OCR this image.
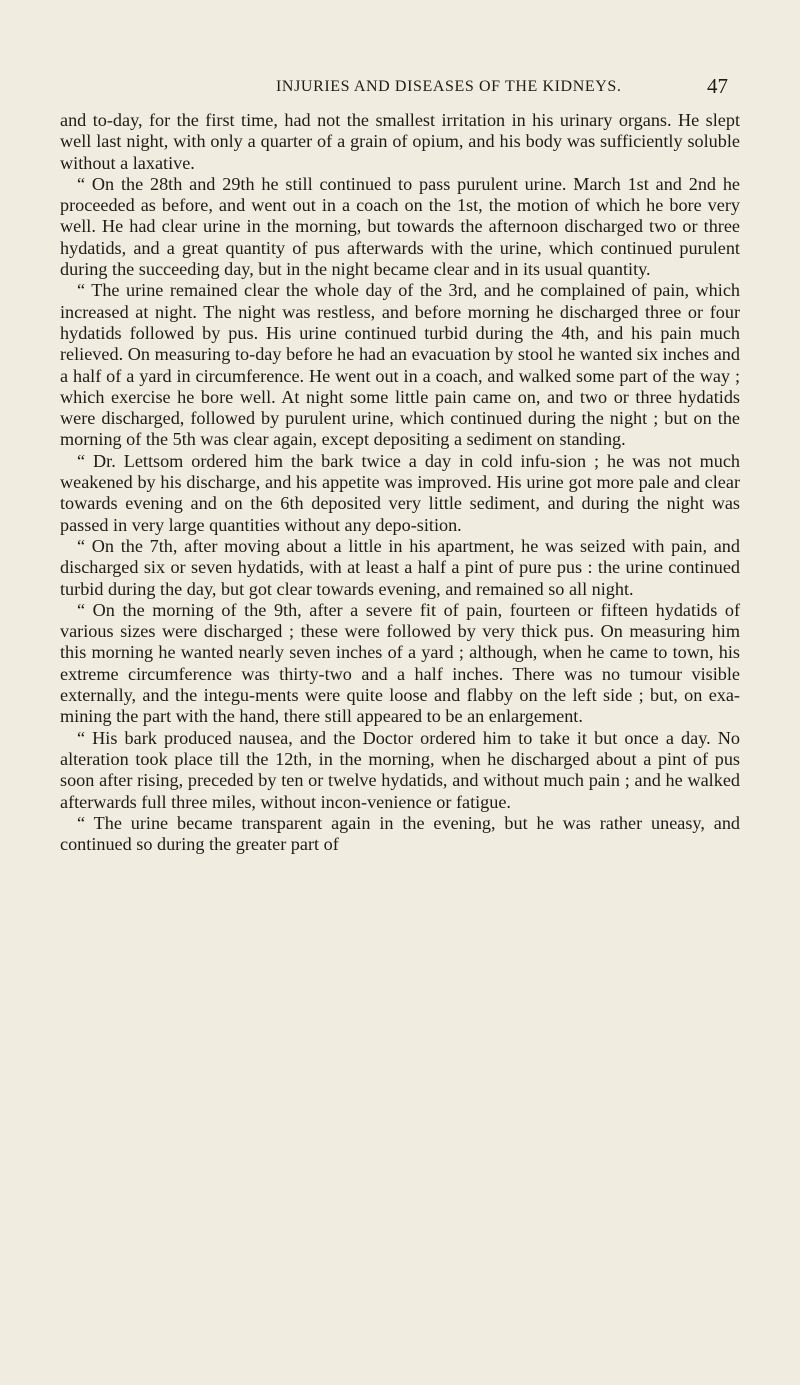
INJURIES AND DISEASES OF THE KIDNEYS.	47

and to-day, for the first time, had not the smallest irritation in his urinary organs. He slept well last night, with only a quarter of a grain of opium, and his body was sufficiently soluble without a laxative.

“ On the 28th and 29th he still continued to pass purulent urine. March 1st and 2nd he proceeded as before, and went out in a coach on the 1st, the motion of which he bore very well. He had clear urine in the morning, but towards the afternoon discharged two or three hydatids, and a great quantity of pus afterwards with the urine, which continued purulent during the succeeding day, but in the night became clear and in its usual quantity.

“ The urine remained clear the whole day of the 3rd, and he complained of pain, which increased at night. The night was restless, and before morning he discharged three or four hydatids followed by pus. His urine continued turbid during the 4th, and his pain much relieved. On measuring to-day before he had an evacuation by stool he wanted six inches and a half of a yard in circumference. He went out in a coach, and walked some part of the way ; which exercise he bore well. At night some little pain came on, and two or three hydatids were discharged, followed by purulent urine, which continued during the night ; but on the morning of the 5th was clear again, except depositing a sediment on standing.

“ Dr. Lettsom ordered him the bark twice a day in cold infu-sion ; he was not much weakened by his discharge, and his appetite was improved. His urine got more pale and clear towards evening and on the 6th deposited very little sediment, and during the night was passed in very large quantities without any depo-sition.

“ On the 7th, after moving about a little in his apartment, he was seized with pain, and discharged six or seven hydatids, with at least a half a pint of pure pus : the urine continued turbid during the day, but got clear towards evening, and remained so all night.

“ On the morning of the 9th, after a severe fit of pain, fourteen or fifteen hydatids of various sizes were discharged ; these were followed by very thick pus. On measuring him this morning he wanted nearly seven inches of a yard ; although, when he came to town, his extreme circumference was thirty-two and a half inches. There was no tumour visible externally, and the integu-ments were quite loose and flabby on the left side ; but, on exa-mining the part with the hand, there still appeared to be an enlargement.

“ His bark produced nausea, and the Doctor ordered him to take it but once a day. No alteration took place till the 12th, in the morning, when he discharged about a pint of pus soon after rising, preceded by ten or twelve hydatids, and without much pain ; and he walked afterwards full three miles, without incon-venience or fatigue.

“ The urine became transparent again in the evening, but he was rather uneasy, and continued so during the greater part of
